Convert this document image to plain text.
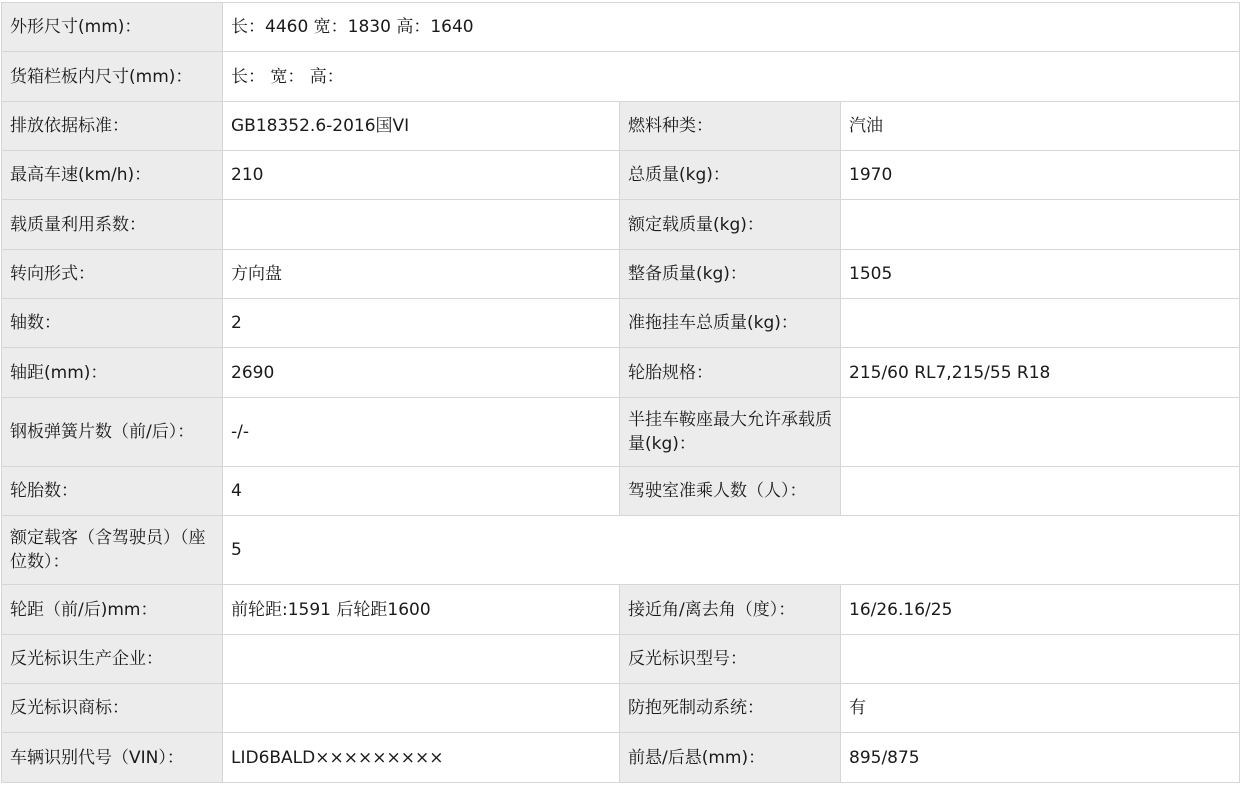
外形尺寸(mm)：	长：4460 宽：1830 高：1640		
货箱栏板内尺寸(mm)：	长： 宽： 高：		
排放依据标准：	GB18352.6-2016国VI	燃料种类：	汽油
最高车速(km/h)：	210	总质量(kg)：	1970
载质量利用系数：		额定载质量(kg)：	
转向形式：	方向盘	整备质量(kg)：	1505
轴数：	2	准拖挂车总质量(kg)：	
轴距(mm)：	2690	轮胎规格：	215/60 RL7,215/55 R18
钢板弹簧片数（前/后）：	-/-	半挂车鞍座最大允许承载质量(kg)：	
轮胎数：	4	驾驶室准乘人数（人）：	
额定载客（含驾驶员）（座位数）：	5		
轮距（前/后)mm：	前轮距:1591 后轮距1600	接近角/离去角（度）：	16/26.16/25
反光标识生产企业：		反光标识型号：	
反光标识商标：		防抱死制动系统：	有
车辆识别代号（VIN）：	LID6BALD×××××××××	前悬/后悬(mm)：	895/875
